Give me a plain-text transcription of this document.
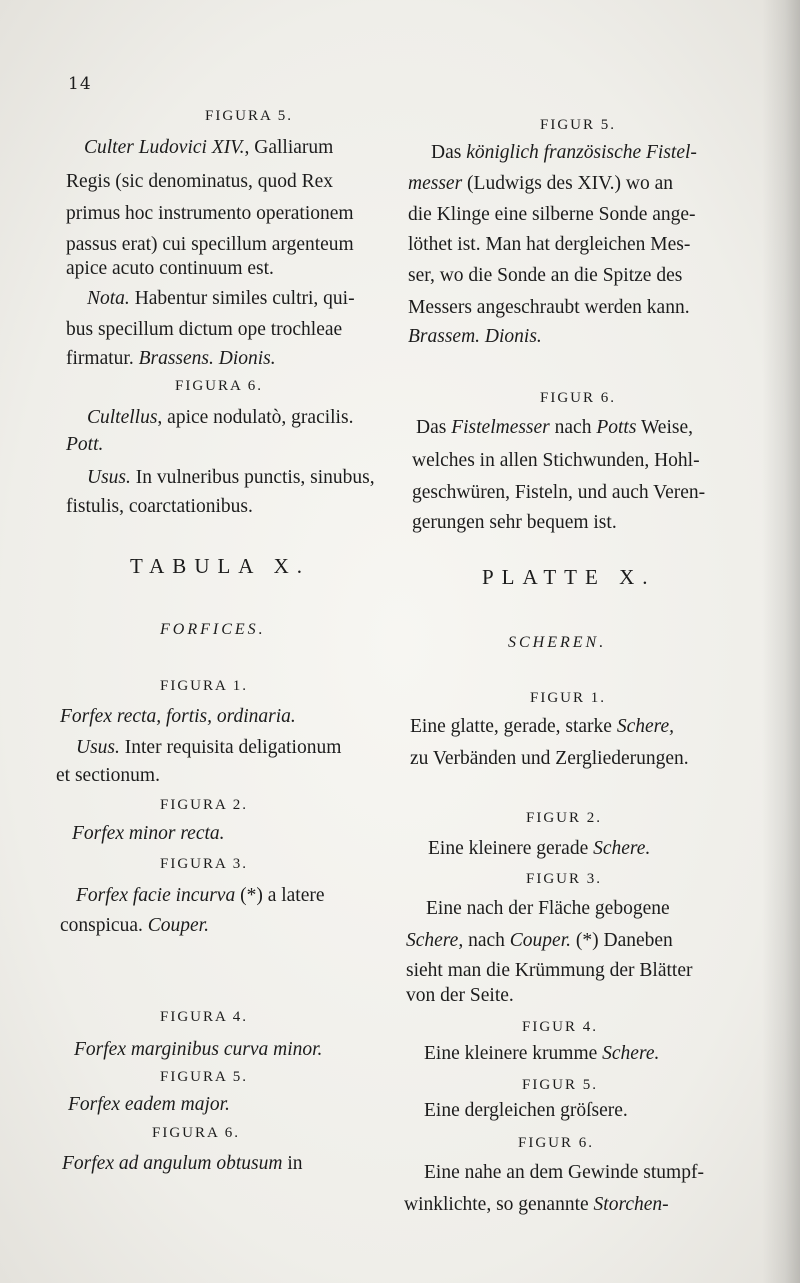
14
FIGURA 5.
Culter Ludovici XIV., Galliarum
Regis (sic denominatus, quod Rex
primus hoc instrumento operationem
passus erat) cui specillum argenteum
apice acuto continuum est.
Nota. Habentur similes cultri, qui-
bus specillum dictum ope trochleae
firmatur. Brassens. Dionis.
FIGURA 6.
Cultellus, apice nodulatò, gracilis.
Pott.
Usus. In vulneribus punctis, sinubus,
fistulis, coarctationibus.
TABULA X.
FORFICES.
FIGURA 1.
Forfex recta, fortis, ordinaria.
Usus. Inter requisita deligationum
et sectionum.
FIGURA 2.
Forfex minor recta.
FIGURA 3.
Forfex facie incurva (*) a latere
conspicua. Couper.
FIGURA 4.
Forfex marginibus curva minor.
FIGURA 5.
Forfex eadem major.
FIGURA 6.
Forfex ad angulum obtusum in
FIGUR 5.
Das königlich französische Fistel-
messer (Ludwigs des XIV.) wo an
die Klinge eine silberne Sonde ange-
löthet ist. Man hat dergleichen Mes-
ser, wo die Sonde an die Spitze des
Messers angeschraubt werden kann.
Brassem. Dionis.
FIGUR 6.
Das Fistelmesser nach Potts Weise,
welches in allen Stichwunden, Hohl-
geschwüren, Fisteln, und auch Veren-
gerungen sehr bequem ist.
PLATTE X.
SCHEREN.
FIGUR 1.
Eine glatte, gerade, starke Schere,
zu Verbänden und Zergliederungen.
FIGUR 2.
Eine kleinere gerade Schere.
FIGUR 3.
Eine nach der Fläche gebogene
Schere, nach Couper. (*) Daneben
sieht man die Krümmung der Blätter
von der Seite.
FIGUR 4.
Eine kleinere krumme Schere.
FIGUR 5.
Eine dergleichen gröſsere.
FIGUR 6.
Eine nahe an dem Gewinde stumpf-
winklichte, so genannte Storchen-
